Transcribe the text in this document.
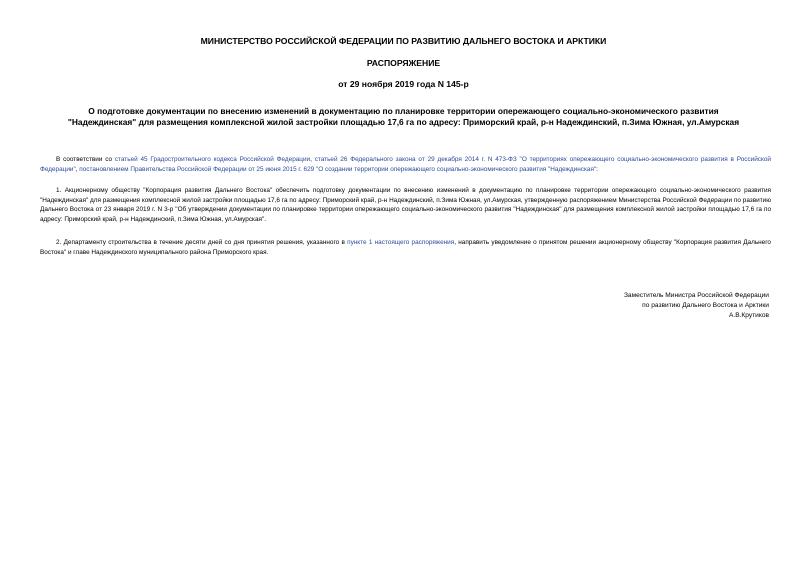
МИНИСТЕРСТВО РОССИЙСКОЙ ФЕДЕРАЦИИ ПО РАЗВИТИЮ ДАЛЬНЕГО ВОСТОКА И АРКТИКИ
РАСПОРЯЖЕНИЕ
от 29 ноября 2019 года N 145-р
О подготовке документации по внесению изменений в документацию по планировке территории опережающего социально-экономического развития
"Надеждинская" для размещения комплексной жилой застройки площадью 17,6 га по адресу: Приморский край, р-н Надеждинский, п.Зима Южная, ул.Амурская
В соответствии со статьей 45 Градостроительного кодекса Российской Федерации, статьей 26 Федерального закона от 29 декабря 2014 г. N 473-ФЗ "О территориях опережающего социально-экономического развития в Российской Федерации", постановлением Правительства Российской Федерации от 25 июня 2015 г. 629 "О создании территории опережающего социально-экономического развития "Надеждинская":
1. Акционерному обществу "Корпорация развития Дальнего Востока" обеспечить подготовку документации по внесению изменений в документацию по планировке территории опережающего социально-экономического развития "Надеждинская" для размещения комплексной жилой застройки площадью 17,6 га по адресу: Приморский край, р-н Надеждинский, п.Зима Южная, ул.Амурская, утвержденную распоряжением Министерства Российской Федерации по развитию Дальнего Востока от 23 января 2019 г. N 3-р "Об утверждении документации по планировке территории опережающего социально-экономического развития "Надеждинская" для размещения комплексной жилой застройки площадью 17,6 га по адресу: Приморский край, р-н Надеждинский, п.Зима Южная, ул.Амурская".
2. Департаменту строительства в течение десяти дней со дня принятия решения, указанного в пункте 1 настоящего распоряжения, направить уведомление о принятом решении акционерному обществу "Корпорация развития Дальнего Востока" и главе Надеждинского муниципального района Приморского края.
Заместитель Министра Российской Федерации
по развитию Дальнего Востока и Арктики
А.В.Крутиков
